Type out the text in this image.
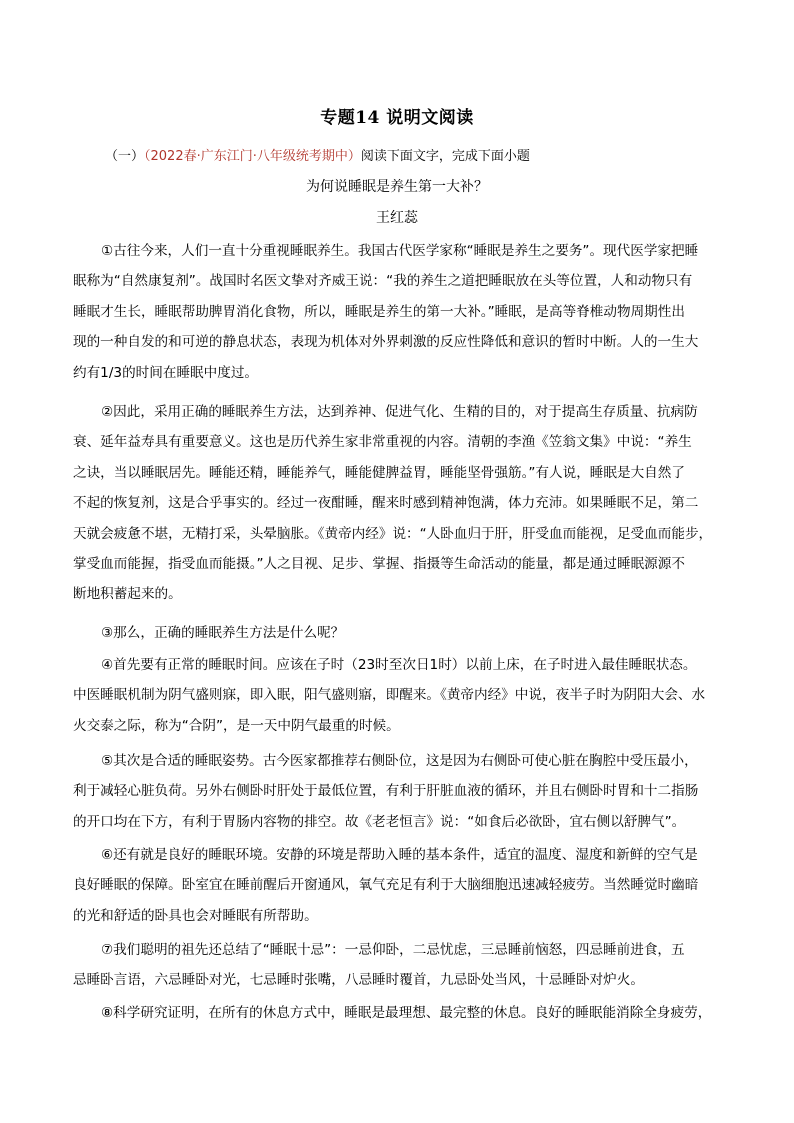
专题14 说明文阅读
（一）（2022春·广东江门·八年级统考期中）阅读下面文字，完成下面小题
为何说睡眠是养生第一大补？
王红蕊
①古往今来，人们一直十分重视睡眠养生。我国古代医学家称“睡眠是养生之要务”。现代医学家把睡
眠称为“自然康复剂”。战国时名医文挚对齐威王说：“我的养生之道把睡眠放在头等位置，人和动物只有
睡眠才生长，睡眠帮助脾胃消化食物，所以，睡眠是养生的第一大补。”睡眠，是高等脊椎动物周期性出
现的一种自发的和可逆的静息状态，表现为机体对外界刺激的反应性降低和意识的暂时中断。人的一生大
约有1/3的时间在睡眠中度过。
②因此，采用正确的睡眠养生方法，达到养神、促进气化、生精的目的，对于提高生存质量、抗病防
衰、延年益寿具有重要意义。这也是历代养生家非常重视的内容。清朝的李渔《笠翁文集》中说：“养生
之诀，当以睡眠居先。睡能还精，睡能养气，睡能健脾益胃，睡能坚骨强筋。”有人说，睡眠是大自然了
不起的恢复剂，这是合乎事实的。经过一夜酣睡，醒来时感到精神饱满，体力充沛。如果睡眠不足，第二
天就会疲惫不堪，无精打采，头晕脑胀。《黄帝内经》说：“人卧血归于肝，肝受血而能视，足受血而能步，
掌受血而能握，指受血而能摄。”人之目视、足步、掌握、指摄等生命活动的能量，都是通过睡眠源源不
断地积蓄起来的。
③那么，正确的睡眠养生方法是什么呢？
④首先要有正常的睡眠时间。应该在子时（23时至次日1时）以前上床，在子时进入最佳睡眠状态。
中医睡眠机制为阴气盛则寐，即入眠，阳气盛则寤，即醒来。《黄帝内经》中说，夜半子时为阴阳大会、水
火交泰之际，称为“合阴”，是一天中阴气最重的时候。
⑤其次是合适的睡眠姿势。古今医家都推荐右侧卧位，这是因为右侧卧可使心脏在胸腔中受压最小，
利于减轻心脏负荷。另外右侧卧时肝处于最低位置，有利于肝脏血液的循环，并且右侧卧时胃和十二指肠
的开口均在下方，有利于胃肠内容物的排空。故《老老恒言》说：“如食后必欲卧，宜右侧以舒脾气”。
⑥还有就是良好的睡眠环境。安静的环境是帮助入睡的基本条件，适宜的温度、湿度和新鲜的空气是
良好睡眠的保障。卧室宜在睡前醒后开窗通风，氧气充足有利于大脑细胞迅速减轻疲劳。当然睡觉时幽暗
的光和舒适的卧具也会对睡眠有所帮助。
⑦我们聪明的祖先还总结了“睡眠十忌”：一忌仰卧，二忌忧虑，三忌睡前恼怒，四忌睡前进食，五
忌睡卧言语，六忌睡卧对光，七忌睡时张嘴，八忌睡时覆首，九忌卧处当风，十忌睡卧对炉火。
⑧科学研究证明，在所有的休息方式中，睡眠是最理想、最完整的休息。良好的睡眠能消除全身疲劳，
